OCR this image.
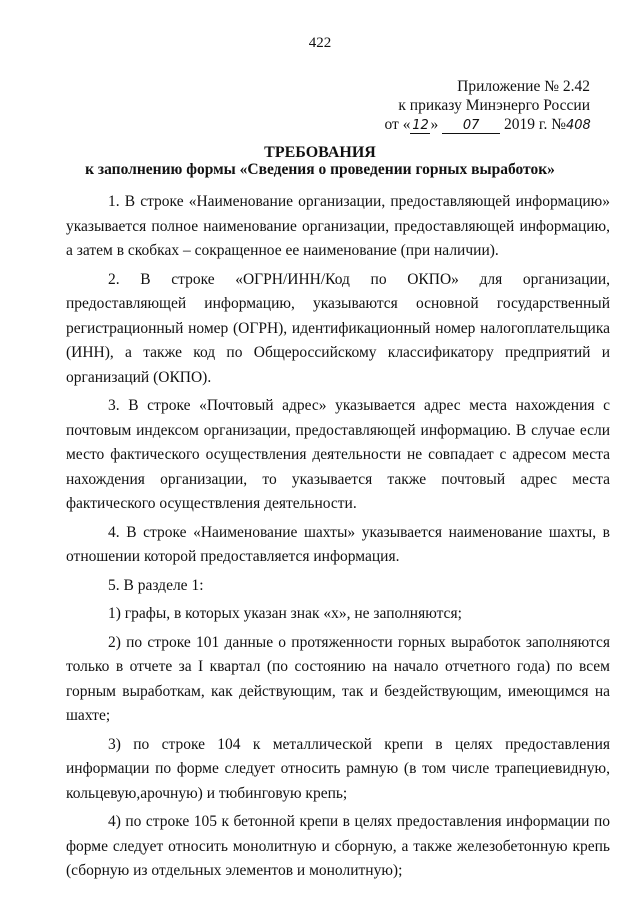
422
Приложение № 2.42
к приказу Минэнерго России
от « 12 » 07 2019 г. №408
ТРЕБОВАНИЯ
к заполнению формы «Сведения о проведении горных выработок»

1. В строке «Наименование организации, предоставляющей информацию» указывается полное наименование организации, предоставляющей информацию, а затем в скобках – сокращенное ее наименование (при наличии).

2. В строке «ОГРН/ИНН/Код по ОКПО» для организации, предоставляющей информацию, указываются основной государственный регистрационный номер (ОГРН), идентификационный номер налогоплательщика (ИНН), а также код по Общероссийскому классификатору предприятий и организаций (ОКПО).

3. В строке «Почтовый адрес» указывается адрес места нахождения с почтовым индексом организации, предоставляющей информацию. В случае если место фактического осуществления деятельности не совпадает с адресом места нахождения организации, то указывается также почтовый адрес места фактического осуществления деятельности.

4. В строке «Наименование шахты» указывается наименование шахты, в отношении которой предоставляется информация.

5. В разделе 1:

1) графы, в которых указан знак «х», не заполняются;

2) по строке 101 данные о протяженности горных выработок заполняются только в отчете за I квартал (по состоянию на начало отчетного года) по всем горным выработкам, как действующим, так и бездействующим, имеющимся на шахте;

3) по строке 104 к металлической крепи в целях предоставления информации по форме следует относить рамную (в том числе трапециевидную, кольцевую,арочную) и тюбинговую крепь;

4) по строке 105 к бетонной крепи в целях предоставления информации по форме следует относить монолитную и сборную, а также железобетонную крепь (сборную из отдельных элементов и монолитную);
